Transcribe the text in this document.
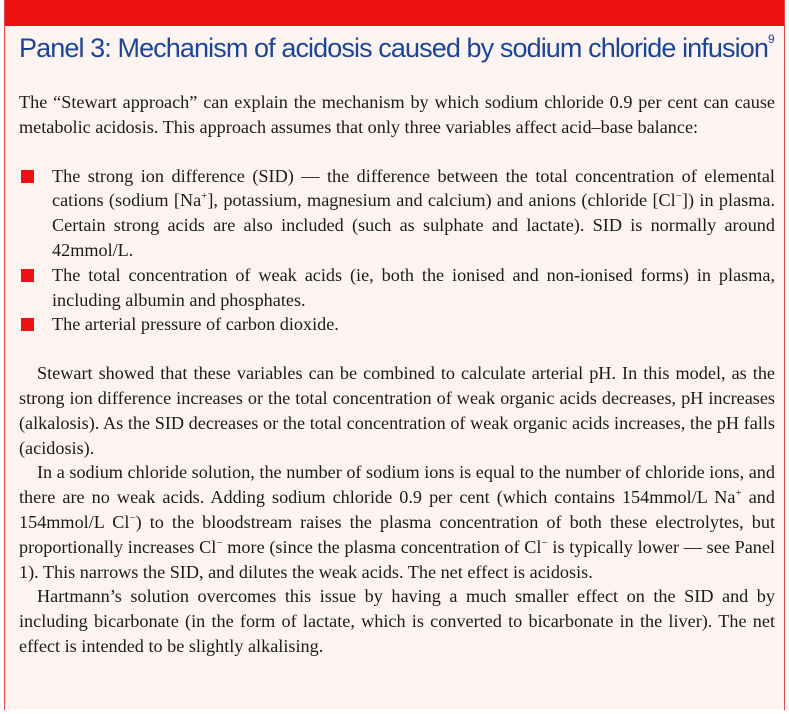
Panel 3: Mechanism of acidosis caused by sodium chloride infusion$^9$

The “Stewart approach” can explain the mechanism by which sodium chloride 0.9 per cent can cause metabolic acidosis. This approach assumes that only three variables affect acid–base balance:

The strong ion difference (SID) — the difference between the total concentration of elemental cations (sodium [Na+], potassium, magnesium and calcium) and anions (chloride [Cl−]) in plasma. Certain strong acids are also included (such as sulphate and lactate). SID is normally around 42mmol/L.
The total concentration of weak acids (ie, both the ionised and non-ionised forms) in plasma, including albumin and phosphates.
The arterial pressure of carbon dioxide.

Stewart showed that these variables can be combined to calculate arterial pH. In this model, as the strong ion difference increases or the total concentration of weak organic acids decreases, pH increases (alkalosis). As the SID decreases or the total concentration of weak organic acids increases, the pH falls (acidosis).

In a sodium chloride solution, the number of sodium ions is equal to the number of chloride ions, and there are no weak acids. Adding sodium chloride 0.9 per cent (which contains 154mmol/L Na+ and 154mmol/L Cl−) to the bloodstream raises the plasma concentration of both these electrolytes, but proportionally increases Cl− more (since the plasma concentration of Cl− is typically lower — see Panel 1). This narrows the SID, and dilutes the weak acids. The net effect is acidosis.

Hartmann’s solution overcomes this issue by having a much smaller effect on the SID and by including bicarbonate (in the form of lactate, which is converted to bicarbonate in the liver). The net effect is intended to be slightly alkalising.
